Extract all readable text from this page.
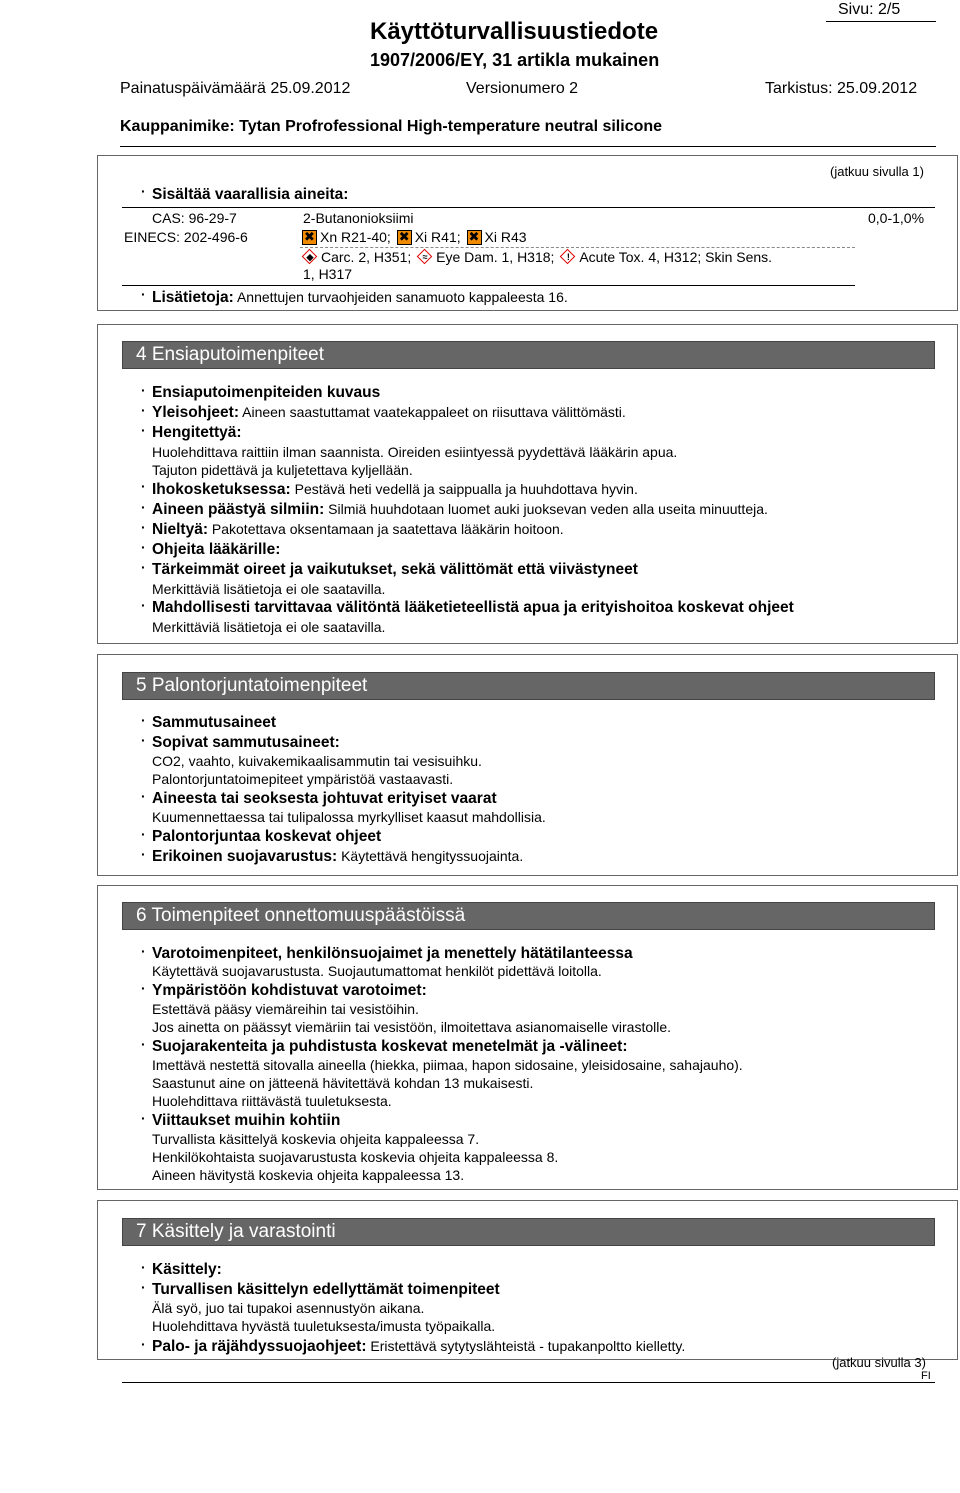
Käyttöturvallisuustiedote
1907/2006/EY, 31 artikla mukainen
Sivu: 2/5
Painatuspäivämäärä 25.09.2012	Versionumero 2	Tarkistus: 25.09.2012
Kauppanimike: Tytan Profrofessional High-temperature neutral silicone
(jatkuu sivulla 1)
· Sisältää vaarallisia aineita:
CAS: 96-29-7
EINECS: 202-496-6
2-Butanonioksiimi
✖Xn R21-40; ✖ Xi R41; ✖ Xi R43
◆ Carc. 2, H351;	≈ Eye Dam. 1, H318;	! Acute Tox. 4, H312; Skin Sens.
1, H317
0,0-1,0%
· Lisätietoja: Annettujen turvaohjeiden sanamuoto kappaleesta 16.
4 Ensiaputoimenpiteet
· Ensiaputoimenpiteiden kuvaus
· Yleisohjeet: Aineen saastuttamat vaatekappaleet on riisuttava välittömästi.
· Hengitettyä:
Huolehdittava raittiin ilman saannista. Oireiden esiintyessä pyydettävä lääkärin apua.
Tajuton pidettävä ja kuljetettava kyljellään.
· Ihokosketuksessa: Pestävä heti vedellä ja saippualla ja huuhdottava hyvin.
· Aineen päästyä silmiin: Silmiä huuhdotaan luomet auki juoksevan veden alla useita minuutteja.
· Nieltyä: Pakotettava oksentamaan ja saatettava lääkärin hoitoon.
· Ohjeita lääkärille:
· Tärkeimmät oireet ja vaikutukset, sekä välittömät että viivästyneet
Merkittäviä lisätietoja ei ole saatavilla.
· Mahdollisesti tarvittavaa välitöntä lääketieteellistä apua ja erityishoitoa koskevat ohjeet
Merkittäviä lisätietoja ei ole saatavilla.
5 Palontorjuntatoimenpiteet
· Sammutusaineet
· Sopivat sammutusaineet:
CO2, vaahto, kuivakemikaalisammutin tai vesisuihku.
Palontorjuntatoimepiteet ympäristöä vastaavasti.
· Aineesta tai seoksesta johtuvat erityiset vaarat
Kuumennettaessa tai tulipalossa myrkylliset kaasut mahdollisia.
· Palontorjuntaa koskevat ohjeet
· Erikoinen suojavarustus: Käytettävä hengityssuojainta.
6 Toimenpiteet onnettomuuspäästöissä
· Varotoimenpiteet, henkilönsuojaimet ja menettely hätätilanteessa
Käytettävä suojavarustusta. Suojautumattomat henkilöt pidettävä loitolla.
· Ympäristöön kohdistuvat varotoimet:
Estettävä pääsy viemäreihin tai vesistöihin.
Jos ainetta on päässyt viemäriin tai vesistöön, ilmoitettava asianomaiselle virastolle.
· Suojarakenteita ja puhdistusta koskevat menetelmät ja -välineet:
Imettävä nestettä sitovalla aineella (hiekka, piimaa, hapon sidosaine, yleisidosaine, sahajauho).
Saastunut aine on jätteenä hävitettävä kohdan 13 mukaisesti.
Huolehdittava riittävästä tuuletuksesta.
· Viittaukset muihin kohtiin
Turvallista käsittelyä koskevia ohjeita kappaleessa 7.
Henkilökohtaista suojavarustusta koskevia ohjeita kappaleessa 8.
Aineen hävitystä koskevia ohjeita kappaleessa 13.
7 Käsittely ja varastointi
· Käsittely:
· Turvallisen käsittelyn edellyttämät toimenpiteet
Älä syö, juo tai tupakoi asennustyön aikana.
Huolehdittava hyvästä tuuletuksesta/imusta työpaikalla.
· Palo- ja räjähdyssuojaohjeet: Eristettävä sytytyslähteistä - tupakanpoltto kielletty.
(jatkuu sivulla 3)
FI
